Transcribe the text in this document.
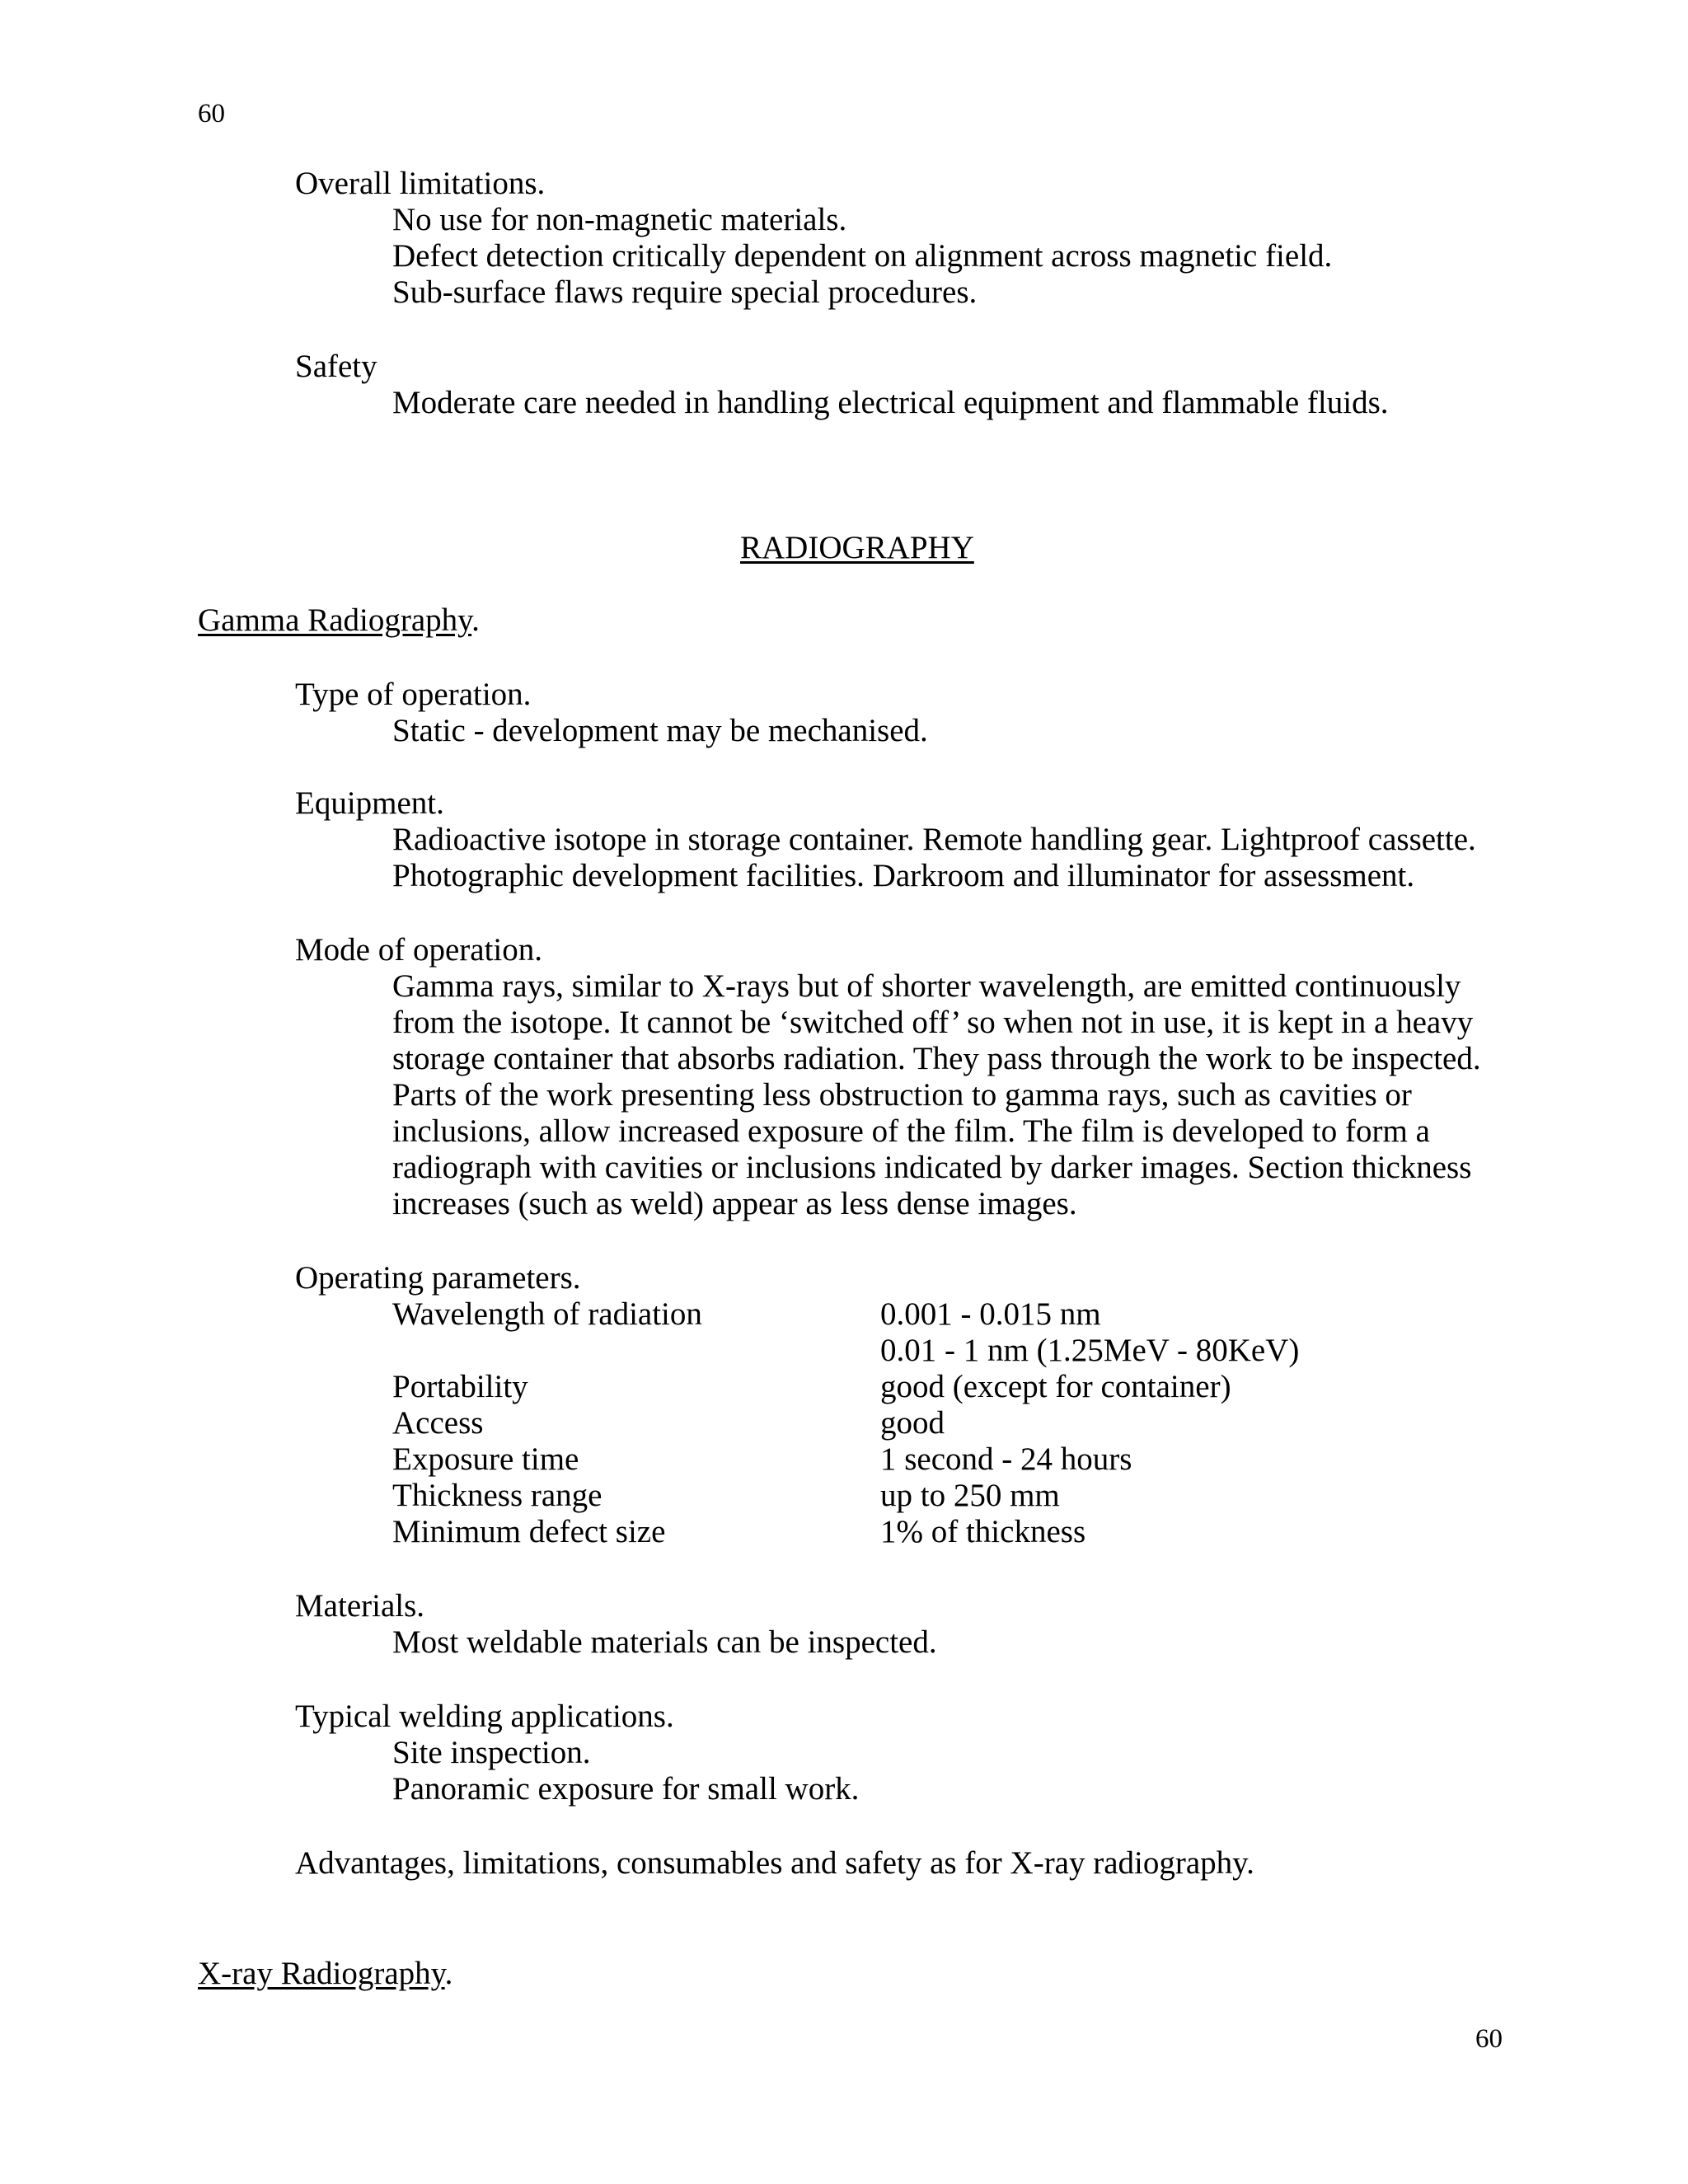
60
Overall limitations.
No use for non-magnetic materials.
Defect detection critically dependent on alignment across magnetic field.
Sub-surface flaws require special procedures.
Safety
Moderate care needed in handling electrical equipment and flammable fluids.
RADIOGRAPHY
Gamma Radiography.
Type of operation.
Static - development may be mechanised.
Equipment.
Radioactive isotope in storage container. Remote handling gear. Lightproof cassette.
Photographic development facilities. Darkroom and illuminator for assessment.
Mode of operation.
Gamma rays, similar to X-rays but of shorter wavelength, are emitted continuously
from the isotope. It cannot be ‘switched off’ so when not in use, it is kept in a heavy
storage container that absorbs radiation. They pass through the work to be inspected.
Parts of the work presenting less obstruction to gamma rays, such as cavities or
inclusions, allow increased exposure of the film. The film is developed to form a
radiograph with cavities or inclusions indicated by darker images. Section thickness
increases (such as weld) appear as less dense images.
Operating parameters.
Wavelength of radiation	0.001 - 0.015 nm
0.01 - 1 nm (1.25MeV - 80KeV)
Portability	good (except for container)
Access	good
Exposure time	1 second - 24 hours
Thickness range	up to 250 mm
Minimum defect size	1% of thickness
Materials.
Most weldable materials can be inspected.
Typical welding applications.
Site inspection.
Panoramic exposure for small work.
Advantages, limitations, consumables and safety as for X-ray radiography.
X-ray Radiography.
60
